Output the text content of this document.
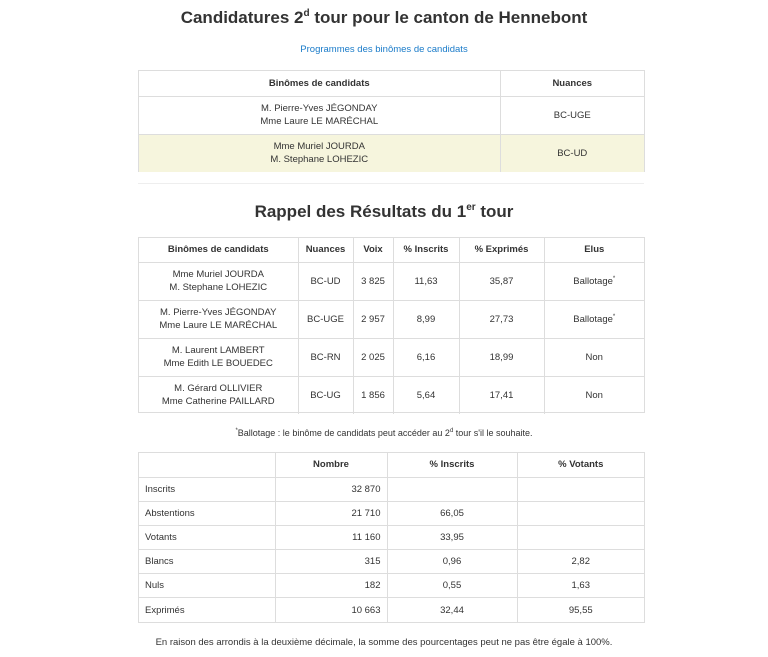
Candidatures 2$^d$ tour pour le canton de Hennebont
Programmes des binômes de candidats
Binômes de candidats	Nuances

M. Pierre-Yves JÉGONDAY
Mme Laure LE MARÉCHAL	BC-UGE

Mme Muriel JOURDA
M. Stephane LOHEZIC	BC-UD
Rappel des Résultats du 1er tour
Binômes de candidats	Nuances	Voix	% Inscrits	% Exprimés	Elus

Mme Muriel JOURDA
M. Stephane LOHEZIC	BC-UD	3 825	11,63	35,87	Ballotage*

M. Pierre-Yves JÉGONDAY
Mme Laure LE MARÉCHAL	BC-UGE	2 957	8,99	27,73	Ballotage*

M. Laurent LAMBERT
Mme Edith LE BOUEDEC	BC-RN	2 025	6,16	18,99	Non

M. Gérard OLLIVIER
Mme Catherine PAILLARD	BC-UG	1 856	5,64	17,41	Non
*Ballotage : le binôme de candidats peut accéder au 2$^d$ tour s'il le souhaite.
	Nombre	% Inscrits	% Votants
Inscrits	32 870		
Abstentions	21 710	66,05	
Votants	11 160	33,95	
Blancs	315	0,96	2,82
Nuls	182	0,55	1,63
Exprimés	10 663	32,44	95,55
En raison des arrondis à la deuxième décimale, la somme des pourcentages peut ne pas être égale à 100%.
